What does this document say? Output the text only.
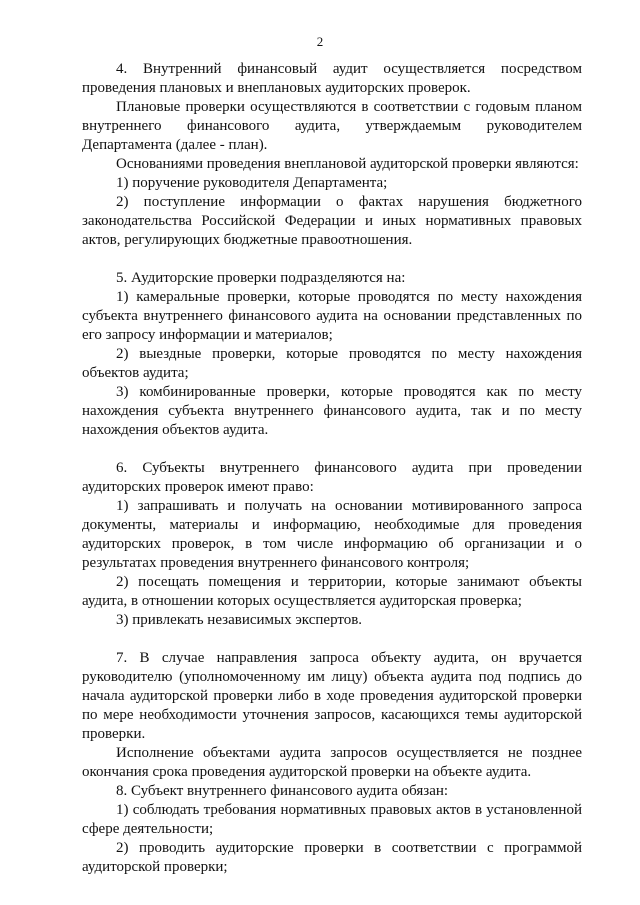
2

4. Внутренний финансовый аудит осуществляется посредством проведения плановых и внеплановых аудиторских проверок.

Плановые проверки осуществляются в соответствии с годовым планом внутреннего финансового аудита, утверждаемым руководителем Департамента (далее - план).

Основаниями проведения внеплановой аудиторской проверки являются:

1) поручение руководителя Департамента;

2) поступление информации о фактах нарушения бюджетного законодательства Российской Федерации и иных нормативных правовых актов, регулирующих бюджетные правоотношения.

5. Аудиторские проверки подразделяются на:

1) камеральные проверки, которые проводятся по месту нахождения субъекта внутреннего финансового аудита на основании представленных по его запросу информации и материалов;

2) выездные проверки, которые проводятся по месту нахождения объектов аудита;

3) комбинированные проверки, которые проводятся как по месту нахождения субъекта внутреннего финансового аудита, так и по месту нахождения объектов аудита.

6. Субъекты внутреннего финансового аудита при проведении аудиторских проверок имеют право:

1) запрашивать и получать на основании мотивированного запроса документы, материалы и информацию, необходимые для проведения аудиторских проверок, в том числе информацию об организации и о результатах проведения внутреннего финансового контроля;

2) посещать помещения и территории, которые занимают объекты аудита, в отношении которых осуществляется аудиторская проверка;

3) привлекать независимых экспертов.

7. В случае направления запроса объекту аудита, он вручается руководителю (уполномоченному им лицу) объекта аудита под подпись до начала аудиторской проверки либо в ходе проведения аудиторской проверки по мере необходимости уточнения запросов, касающихся темы аудиторской проверки.

Исполнение объектами аудита запросов осуществляется не позднее окончания срока проведения аудиторской проверки на объекте аудита.

8. Субъект внутреннего финансового аудита обязан:

1) соблюдать требования нормативных правовых актов в установленной сфере деятельности;

2) проводить аудиторские проверки в соответствии с программой аудиторской проверки;
